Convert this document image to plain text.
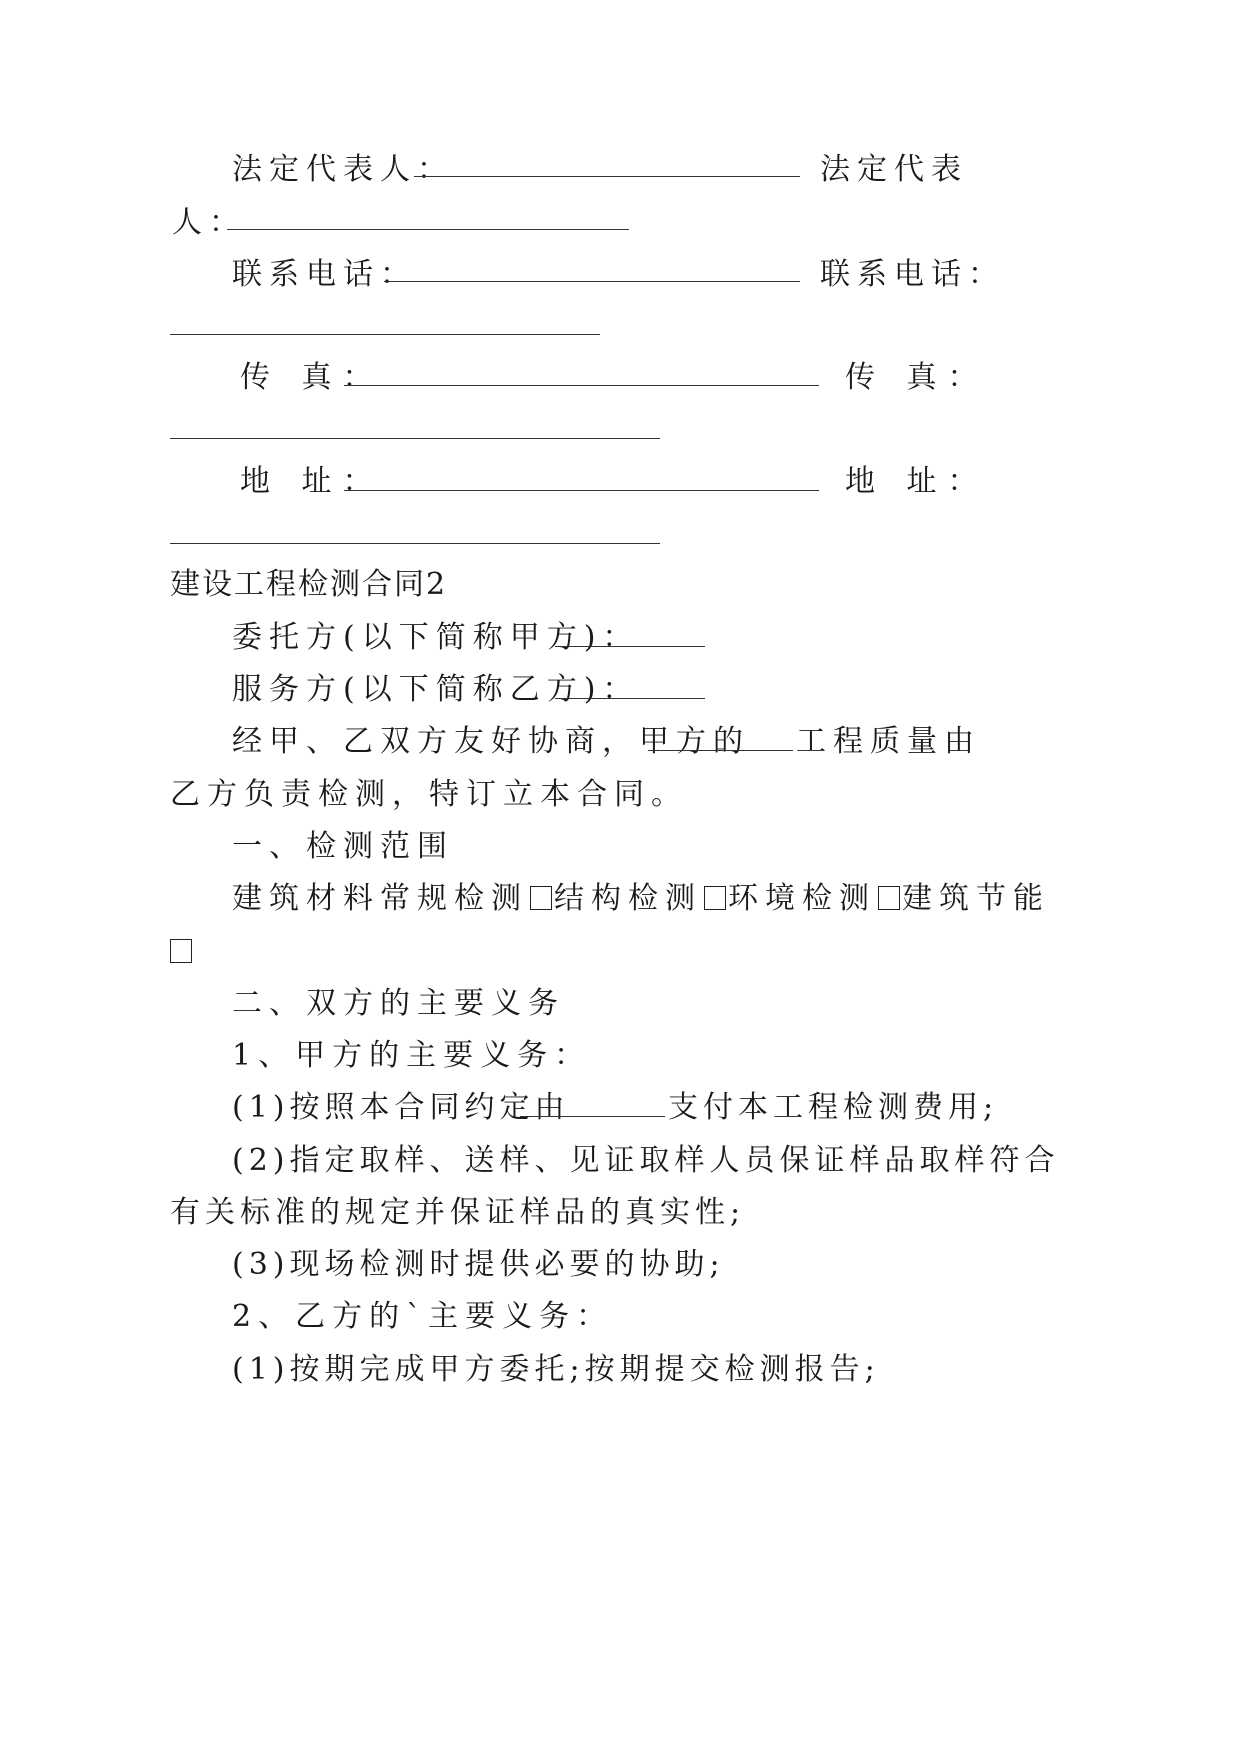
法定代表人：	法定代表
人：
联系电话：	联系电话：
传 真：	传 真：
地 址：	地 址：
建设工程检测合同2
委托方(以下简称甲方)：
服务方(以下简称乙方)：
经甲、乙双方友好协商，甲方的 工程质量由
乙方负责检测，特订立本合同。
一、检测范围
建筑材料常规检测 结构检测 环境检测 建筑节能
二、双方的主要义务
1、甲方的主要义务：
(1)按照本合同约定由	支付本工程检测费用;
(2)指定取样、送样、见证取样人员保证样品取样符合
有关标准的规定并保证样品的真实性;
(3)现场检测时提供必要的协助;
2、乙方的`主要义务：
(1)按期完成甲方委托;按期提交检测报告;
